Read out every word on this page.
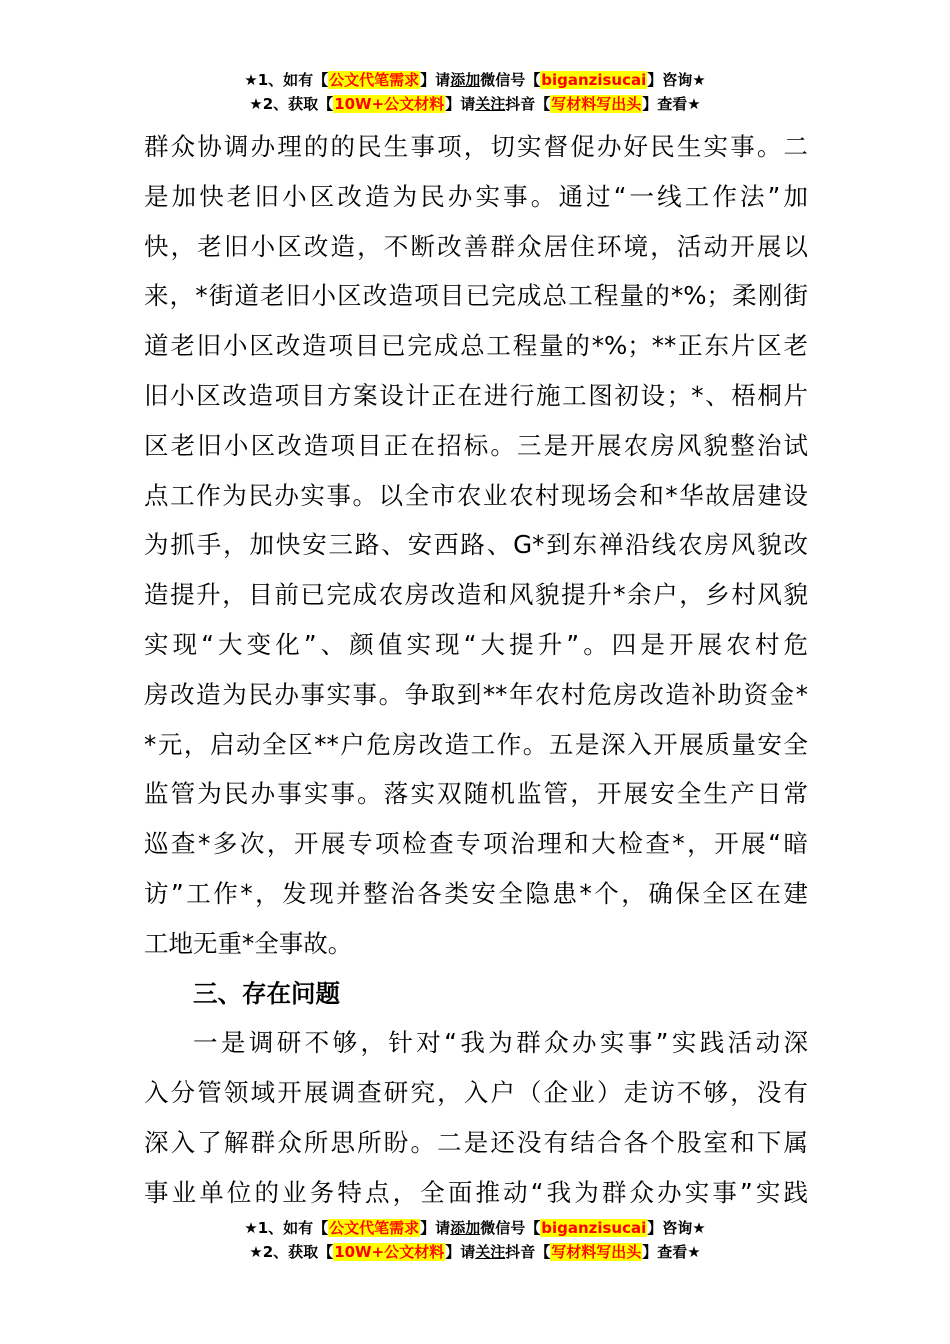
★1、如有【公文代笔需求】请添加微信号【biganzisucai】咨询★
★2、获取【10W+公文材料】请关注抖音【写材料写出头】查看★
群众协调办理的的民生事项，切实督促办好民生实事。二
是加快老旧小区改造为民办实事。通过“一线工作法”加
快，老旧小区改造，不断改善群众居住环境，活动开展以
来，*街道老旧小区改造项目已完成总工程量的*%；柔刚街
道老旧小区改造项目已完成总工程量的*%；**正东片区老
旧小区改造项目方案设计正在进行施工图初设；*、梧桐片
区老旧小区改造项目正在招标。三是开展农房风貌整治试
点工作为民办实事。以全市农业农村现场会和*华故居建设
为抓手，加快安三路、安西路、G*到东禅沿线农房风貌改
造提升，目前已完成农房改造和风貌提升*余户，乡村风貌
实现“大变化”、颜值实现“大提升”。四是开展农村危
房改造为民办事实事。争取到**年农村危房改造补助资金*
*元，启动全区**户危房改造工作。五是深入开展质量安全
监管为民办事实事。落实双随机监管，开展安全生产日常
巡查*多次，开展专项检查专项治理和大检查*，开展“暗
访”工作*，发现并整治各类安全隐患*个，确保全区在建
工地无重*全事故。
三、存在问题
一是调研不够，针对“我为群众办实事”实践活动深
入分管领域开展调查研究，入户（企业）走访不够，没有
深入了解群众所思所盼。二是还没有结合各个股室和下属
事业单位的业务特点，全面推动“我为群众办实事”实践
★1、如有【公文代笔需求】请添加微信号【biganzisucai】咨询★
★2、获取【10W+公文材料】请关注抖音【写材料写出头】查看★
